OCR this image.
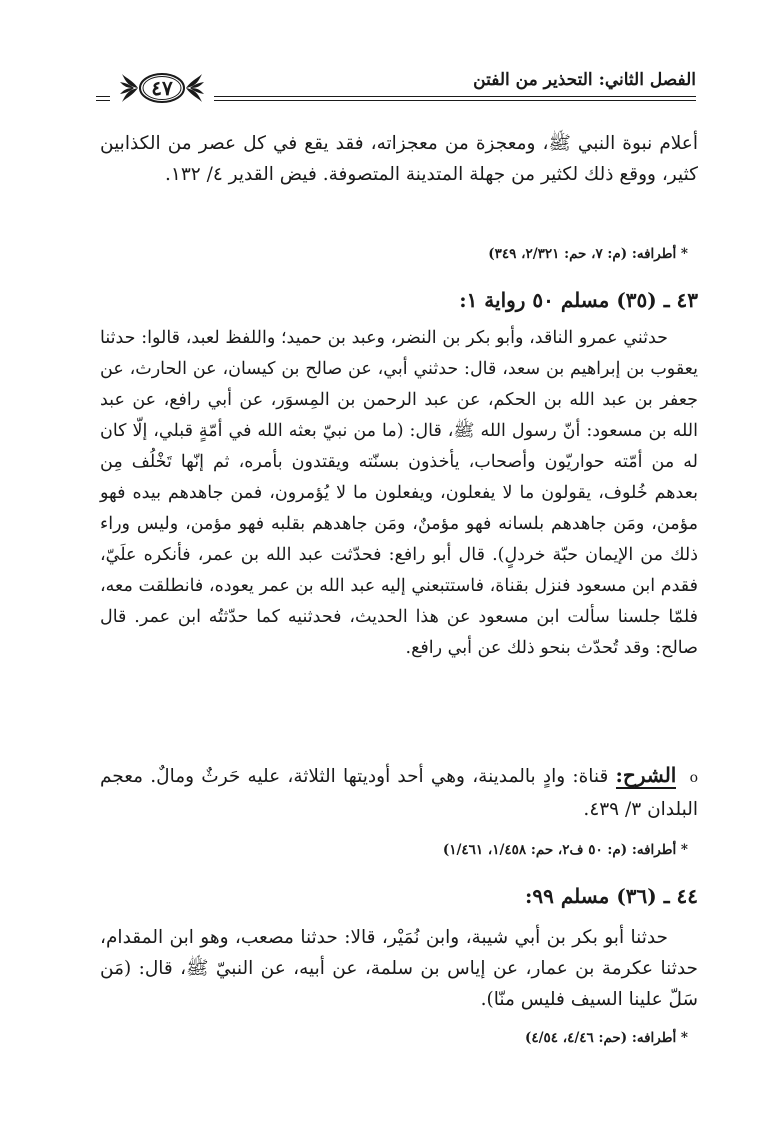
الفصل الثاني: التحذير من الفتن
٤٧
أعلام نبوة النبي ﷺ، ومعجزة من معجزاته، فقد يقع في كل عصر من الكذابين كثير، ووقع ذلك لكثير من جهلة المتدينة المتصوفة. فيض القدير ٤/ ١٣٢.
* أطرافه: (م: ٧، حم: ٢/٣٢١، ٣٤٩)
٤٣ ـ (٣٥) مسلم ٥٠ رواية ١:
حدثني عمرو الناقد، وأبو بكر بن النضر، وعبد بن حميد؛ واللفظ لعبد، قالوا: حدثنا يعقوب بن إبراهيم بن سعد، قال: حدثني أبي، عن صالح بن كيسان، عن الحارث، عن جعفر بن عبد الله بن الحكم، عن عبد الرحمن بن المِسوَر، عن أبي رافع، عن عبد الله بن مسعود: أنّ رسول الله ﷺ، قال: (ما من نبيّ بعثه الله في أمّةٍ قبلي، إلّا كان له من أمّته حواريّون وأصحاب، يأخذون بسنّته ويقتدون بأمره، ثم إنّها تَخْلُف مِن بعدهم خُلوف، يقولون ما لا يفعلون، ويفعلون ما لا يُؤمرون، فمن جاهدهم بيده فهو مؤمن، ومَن جاهدهم بلسانه فهو مؤمنٌ، ومَن جاهدهم بقلبه فهو مؤمن، وليس وراء ذلك من الإيمان حبّة خردلٍ). قال أبو رافع: فحدّثت عبد الله بن عمر، فأنكره علَيّ، فقدم ابن مسعود فنزل بقناة، فاستتبعني إليه عبد الله بن عمر يعوده، فانطلقت معه، فلمّا جلسنا سألت ابن مسعود عن هذا الحديث، فحدثنيه كما حدّثتُه ابن عمر. قال صالح: وقد تُحدّث بنحو ذلك عن أبي رافع.
o الشرح: قناة: وادٍ بالمدينة، وهي أحد أوديتها الثلاثة، عليه حَرثٌ ومالٌ. معجم البلدان ٣/ ٤٣٩.
* أطرافه: (م: ٥٠ ف٢، حم: ١/٤٥٨، ١/٤٦١)
٤٤ ـ (٣٦) مسلم ٩٩:
حدثنا أبو بكر بن أبي شيبة، وابن نُمَيْر، قالا: حدثنا مصعب، وهو ابن المقدام، حدثنا عكرمة بن عمار، عن إياس بن سلمة، عن أبيه، عن النبيّ ﷺ، قال: (مَن سَلّ علينا السيف فليس منّا).
* أطرافه: (حم: ٤/٤٦، ٤/٥٤)
